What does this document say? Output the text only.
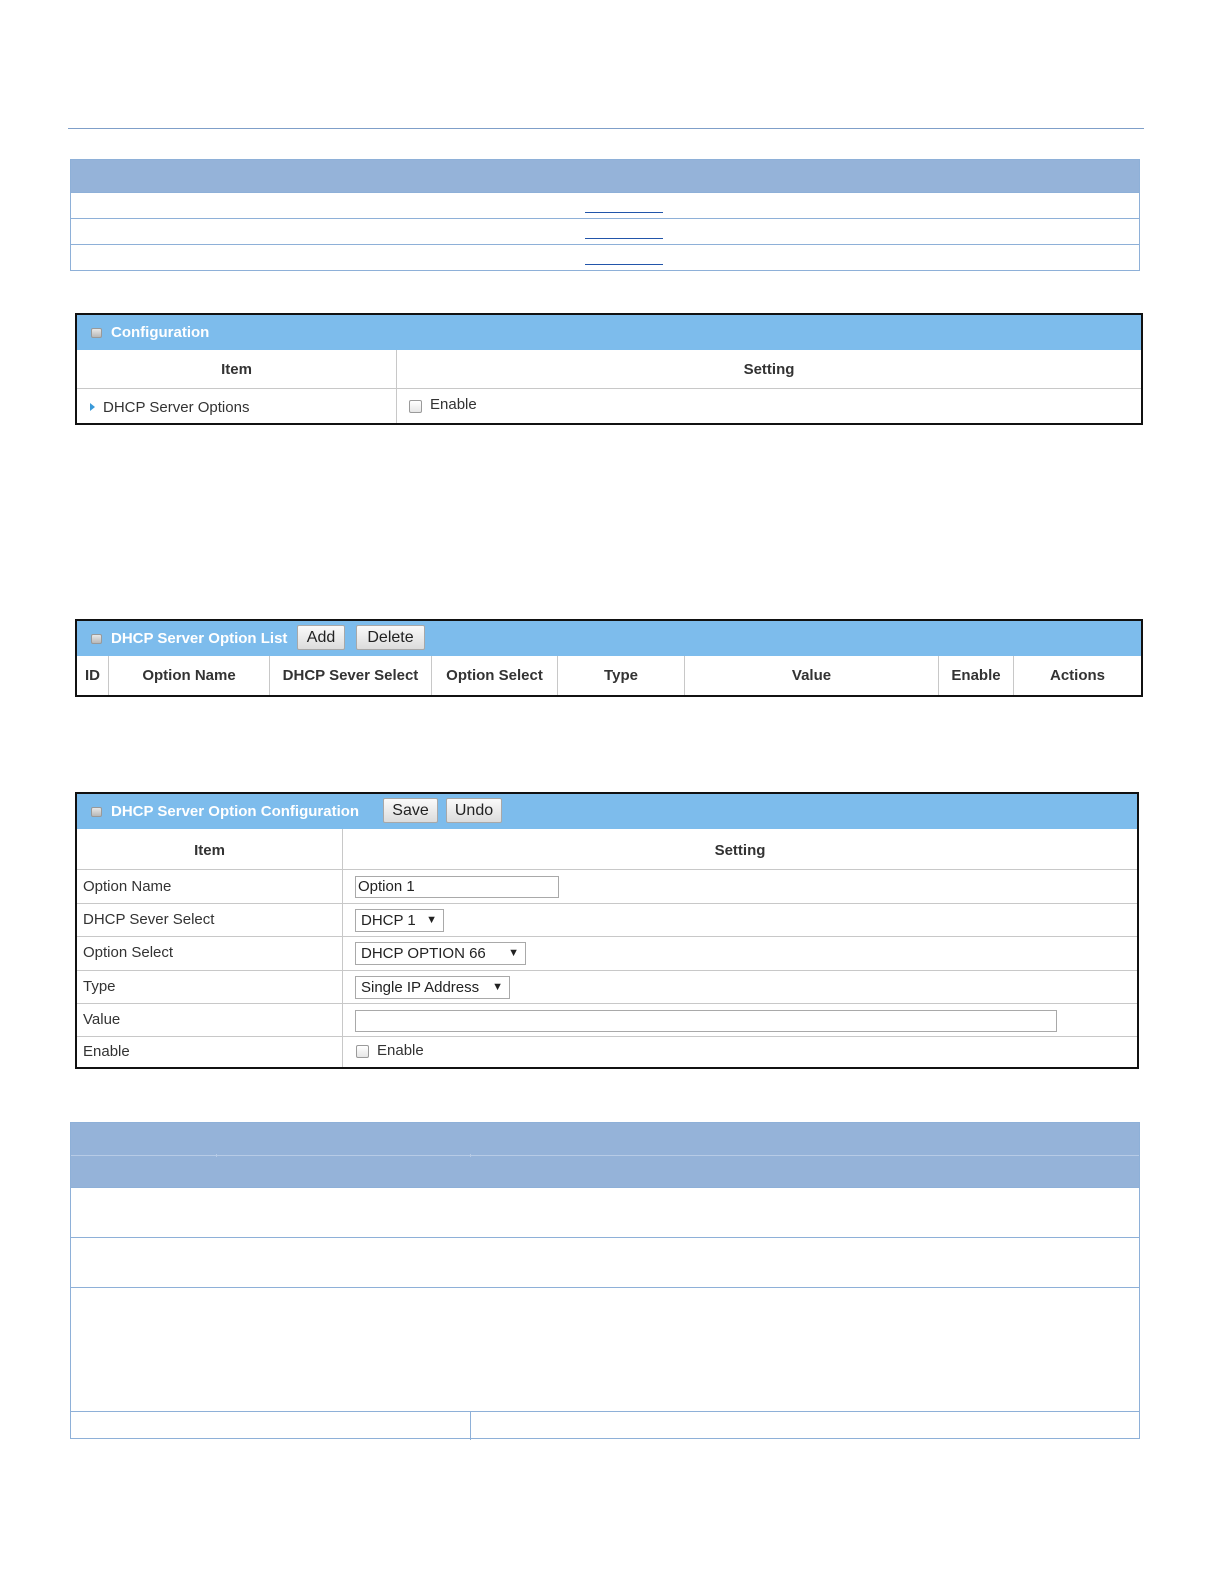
Configuration
Item	Setting
DHCP Server Options	Enable
DHCP Server Option List	Add	Delete
ID	Option Name	DHCP Sever Select	Option Select	Type	Value	Enable	Actions
DHCP Server Option Configuration	Save	Undo
Item	Setting
Option Name	Option 1
DHCP Sever Select	DHCP 1 ▼
Option Select	DHCP OPTION 66 ▼
Type	Single IP Address ▼
Value
Enable	Enable
